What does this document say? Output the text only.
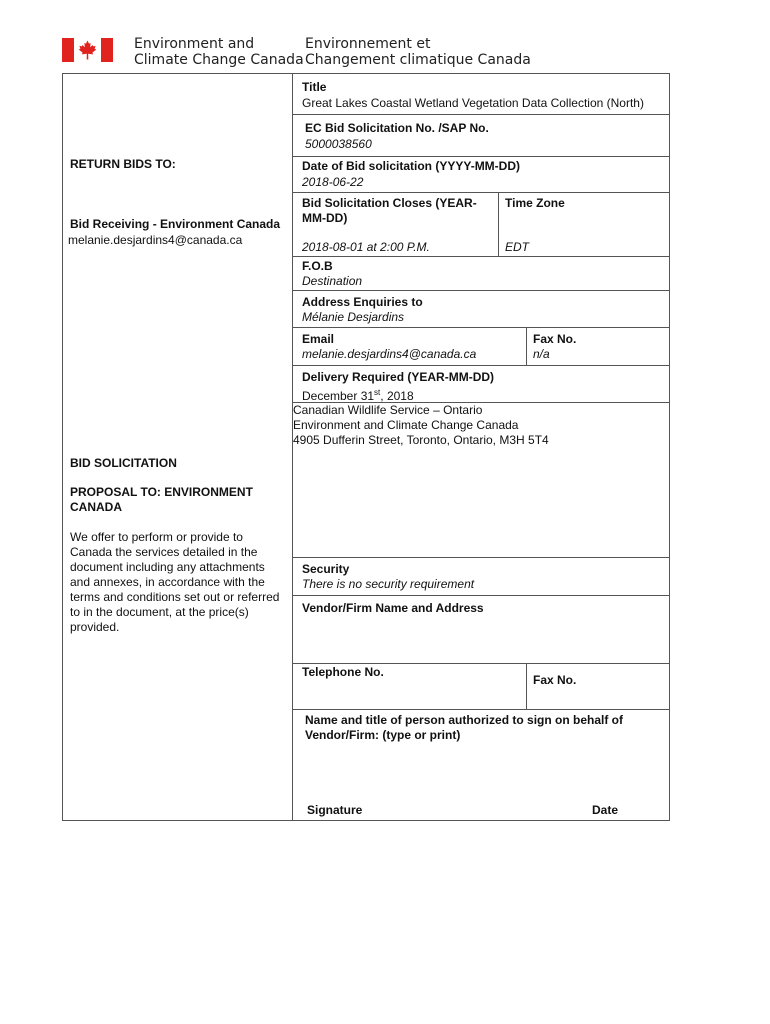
Environment and
Climate Change Canada
Environnement et
Changement climatique Canada
RETURN BIDS TO:
Bid Receiving - Environment Canada
melanie.desjardins4@canada.ca
BID SOLICITATION
PROPOSAL TO: ENVIRONMENT
CANADA
We offer to perform or provide to
Canada the services detailed in the
document including any attachments
and annexes, in accordance with the
terms and conditions set out or referred
to in the document, at the price(s)
provided.
Title
Great Lakes Coastal Wetland Vegetation Data Collection (North)
EC Bid Solicitation No. /SAP No.
5000038560
Date of Bid solicitation (YYYY-MM-DD)
2018-06-22
Bid Solicitation Closes (YEAR-
MM-DD)
2018-08-01 at 2:00 P.M.
Time Zone
EDT
F.O.B
Destination
Address Enquiries to
Mélanie Desjardins
Email
melanie.desjardins4@canada.ca
Fax No.
n/a
Delivery Required (YEAR-MM-DD)
December 31st, 2018
Canadian Wildlife Service – Ontario
Environment and Climate Change Canada
4905 Dufferin Street, Toronto, Ontario, M3H 5T4
Security
There is no security requirement
Vendor/Firm Name and Address
Telephone No.
Fax No.
Name and title of person authorized to sign on behalf of
Vendor/Firm: (type or print)
Signature	Date
